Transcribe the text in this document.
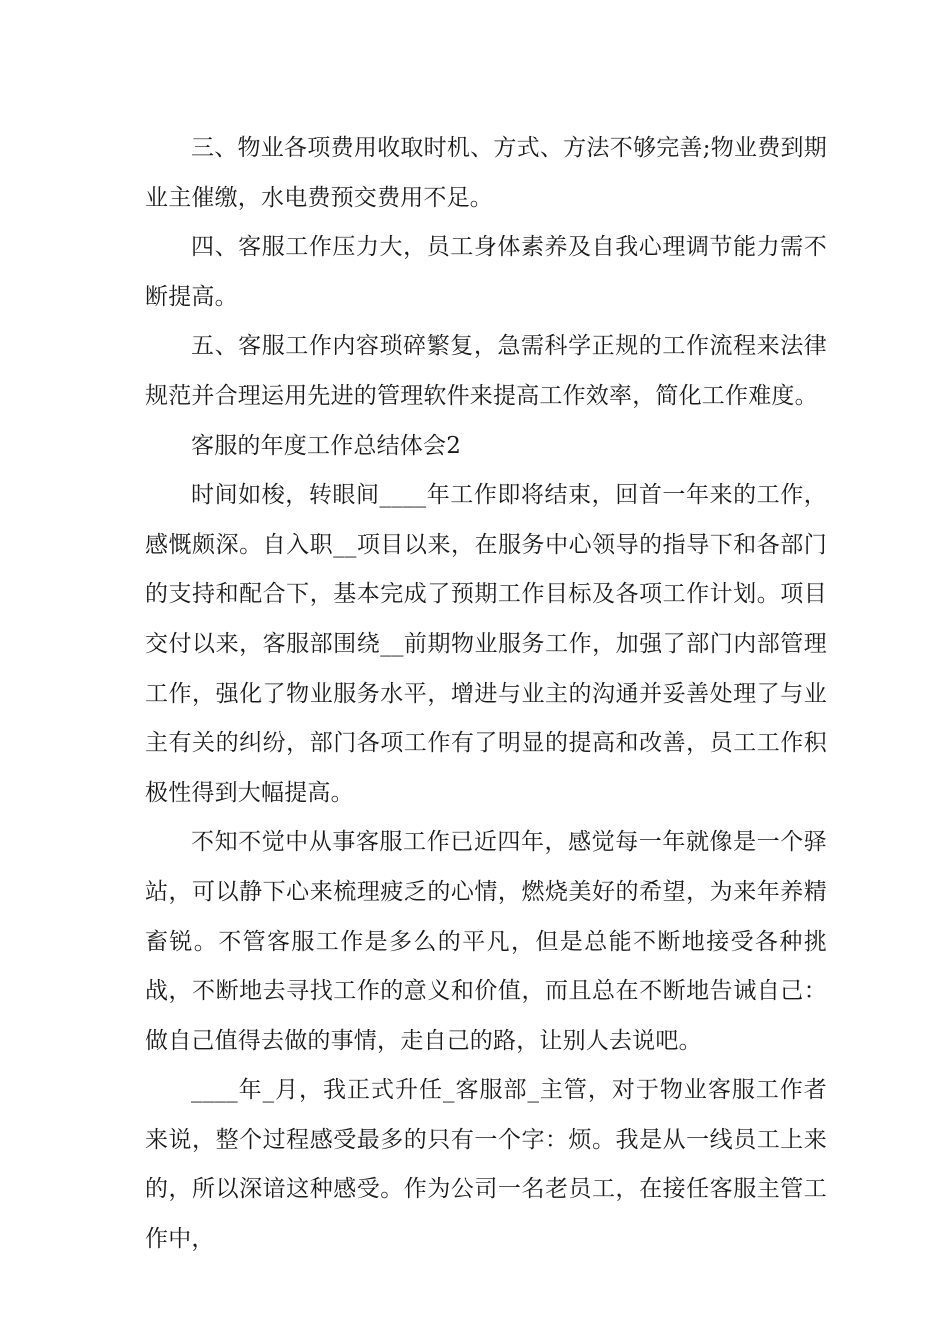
三、物业各项费用收取时机、方式、方法不够完善;物业费到期业主催缴，水电费预交费用不足。

四、客服工作压力大，员工身体素养及自我心理调节能力需不断提高。

五、客服工作内容琐碎繁复，急需科学正规的工作流程来法律规范并合理运用先进的管理软件来提高工作效率，简化工作难度。

客服的年度工作总结体会2

时间如梭，转眼间____年工作即将结束，回首一年来的工作，感慨颇深。自入职__项目以来，在服务中心领导的指导下和各部门的支持和配合下，基本完成了预期工作目标及各项工作计划。项目交付以来，客服部围绕__前期物业服务工作，加强了部门内部管理工作，强化了物业服务水平，增进与业主的沟通并妥善处理了与业主有关的纠纷，部门各项工作有了明显的提高和改善，员工工作积极性得到大幅提高。

不知不觉中从事客服工作已近四年，感觉每一年就像是一个驿站，可以静下心来梳理疲乏的心情，燃烧美好的希望，为来年养精畜锐。不管客服工作是多么的平凡，但是总能不断地接受各种挑战，不断地去寻找工作的意义和价值，而且总在不断地告诫自己：做自己值得去做的事情，走自己的路，让别人去说吧。

____年_月，我正式升任_客服部_主管，对于物业客服工作者来说，整个过程感受最多的只有一个字：烦。我是从一线员工上来的，所以深谙这种感受。作为公司一名老员工，在接任客服主管工作中，
